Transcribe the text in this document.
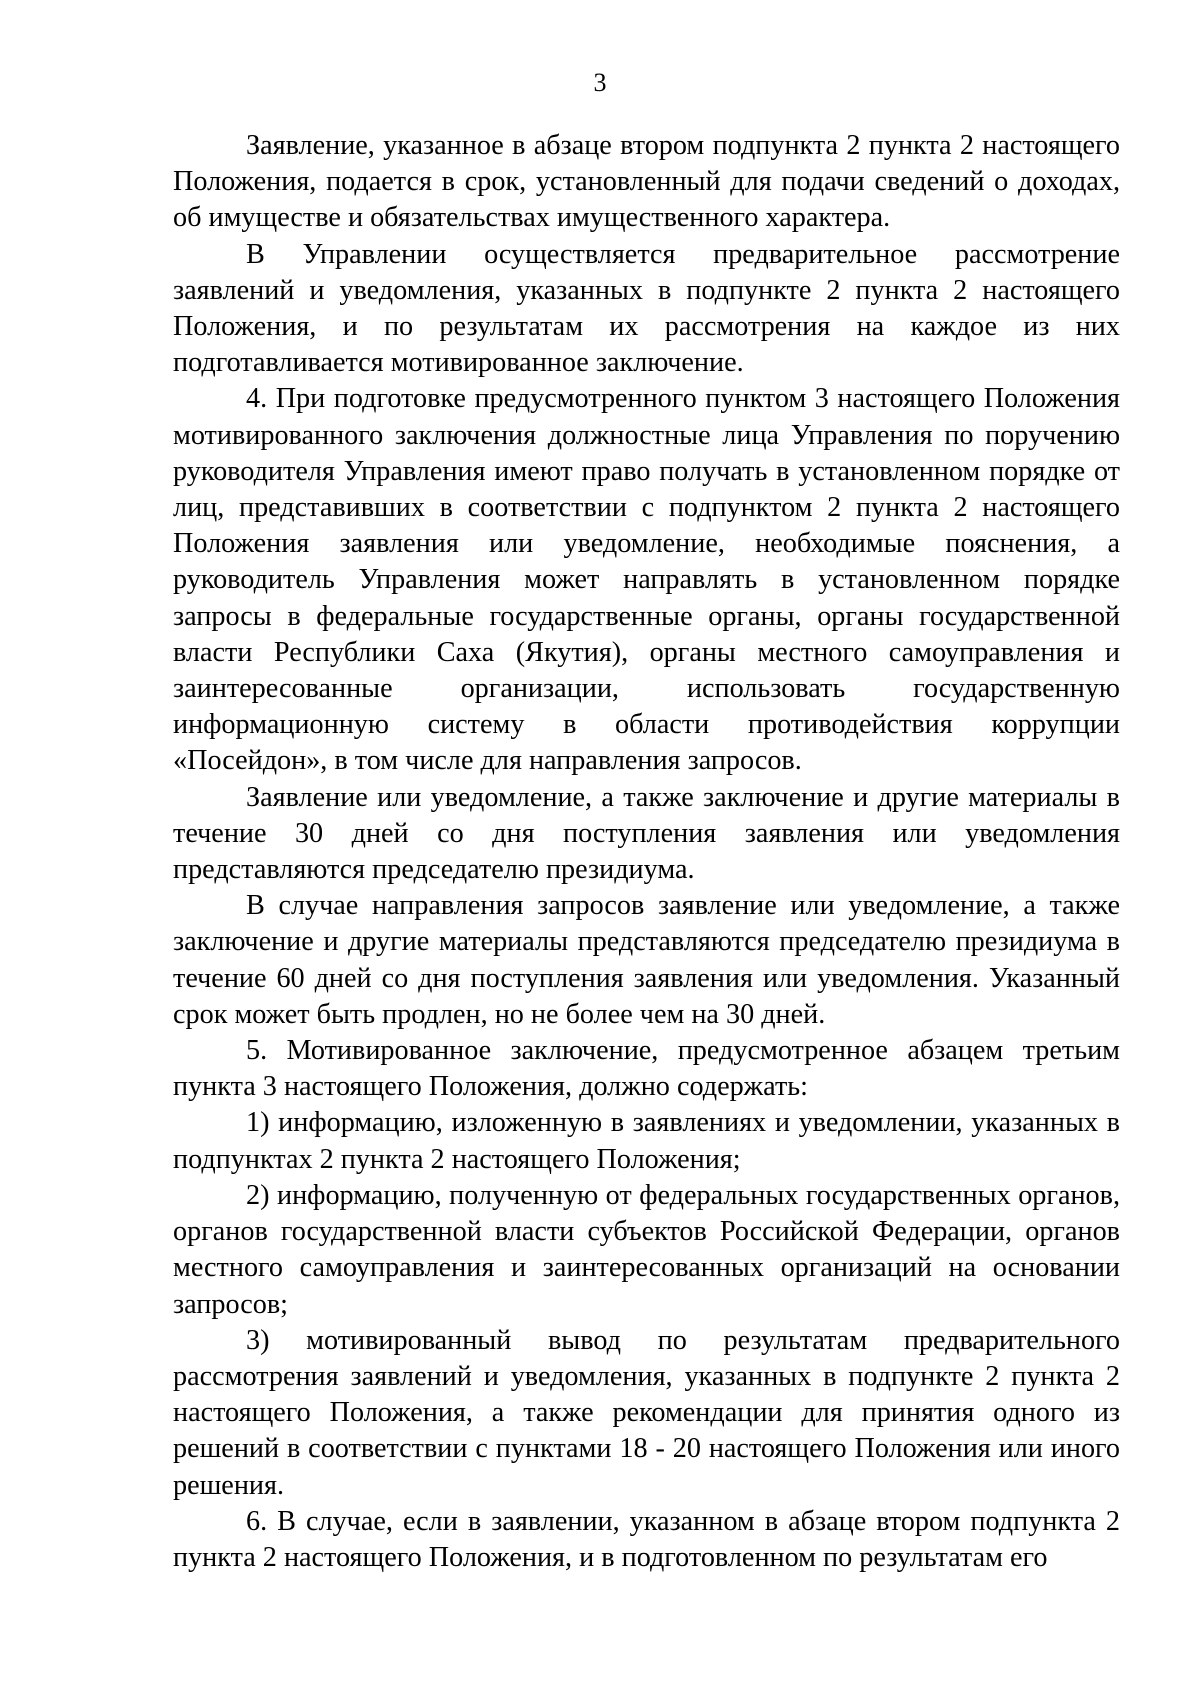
3

Заявление, указанное в абзаце втором подпункта 2 пункта 2 настоящего Положения, подается в срок, установленный для подачи сведений о доходах, об имуществе и обязательствах имущественного характера.

В Управлении осуществляется предварительное рассмотрение заявлений и уведомления, указанных в подпункте 2 пункта 2 настоящего Положения, и по результатам их рассмотрения на каждое из них подготавливается мотивированное заключение.

4. При подготовке предусмотренного пунктом 3 настоящего Положения мотивированного заключения должностные лица Управления по поручению руководителя Управления имеют право получать в установленном порядке от лиц, представивших в соответствии с подпунктом 2 пункта 2 настоящего Положения заявления или уведомление, необходимые пояснения, а руководитель Управления может направлять в установленном порядке запросы в федеральные государственные органы, органы государственной власти Республики Саха (Якутия), органы местного самоуправления и заинтересованные организации, использовать государственную информационную систему в области противодействия коррупции «Посейдон», в том числе для направления запросов.

Заявление или уведомление, а также заключение и другие материалы в течение 30 дней со дня поступления заявления или уведомления представляются председателю президиума.

В случае направления запросов заявление или уведомление, а также заключение и другие материалы представляются председателю президиума в течение 60 дней со дня поступления заявления или уведомления. Указанный срок может быть продлен, но не более чем на 30 дней.

5. Мотивированное заключение, предусмотренное абзацем третьим пункта 3 настоящего Положения, должно содержать:

1) информацию, изложенную в заявлениях и уведомлении, указанных в подпунктах 2 пункта 2 настоящего Положения;

2) информацию, полученную от федеральных государственных органов, органов государственной власти субъектов Российской Федерации, органов местного самоуправления и заинтересованных организаций на основании запросов;

3) мотивированный вывод по результатам предварительного рассмотрения заявлений и уведомления, указанных в подпункте 2 пункта 2 настоящего Положения, а также рекомендации для принятия одного из решений в соответствии с пунктами 18 - 20 настоящего Положения или иного решения.

6. В случае, если в заявлении, указанном в абзаце втором подпункта 2 пункта 2 настоящего Положения, и в подготовленном по результатам его
